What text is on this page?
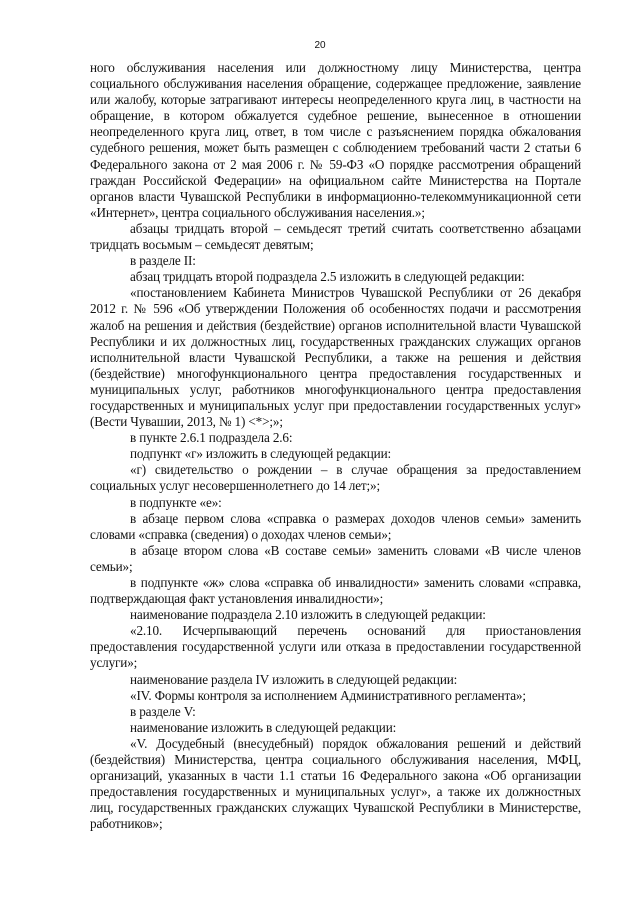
20

ного обслуживания населения или должностному лицу Министерства, центра социального обслуживания населения обращение, содержащее предложение, заявление или жалобу, которые затрагивают интересы неопределенного круга лиц, в частности на обращение, в котором обжалуется судебное решение, вынесенное в отношении неопределенного круга лиц, ответ, в том числе с разъяснением порядка обжалования судебного решения, может быть размещен с соблюдением требований части 2 статьи 6 Федерального закона от 2 мая 2006 г. № 59-ФЗ «О порядке рассмотрения обращений граждан Российской Федерации» на официальном сайте Министерства на Портале органов власти Чувашской Республики в информационно-телекоммуникационной сети «Интернет», центра социального обслуживания населения.»;

абзацы тридцать второй – семьдесят третий считать соответственно абзацами тридцать восьмым – семьдесят девятым;

в разделе II:

абзац тридцать второй подраздела 2.5 изложить в следующей редакции:

«постановлением Кабинета Министров Чувашской Республики от 26 декабря 2012 г. № 596 «Об утверждении Положения об особенностях подачи и рассмотрения жалоб на решения и действия (бездействие) органов исполнительной власти Чувашской Республики и их должностных лиц, государственных гражданских служащих органов исполнительной власти Чувашской Республики, а также на решения и действия (бездействие) многофункционального центра предоставления государственных и муниципальных услуг, работников многофункционального центра предоставления государственных и муниципальных услуг при предоставлении государственных услуг» (Вести Чувашии, 2013, № 1) <*>;»;

в пункте 2.6.1 подраздела 2.6:

подпункт «г» изложить в следующей редакции:

«г) свидетельство о рождении – в случае обращения за предоставлением социальных услуг несовершеннолетнего до 14 лет;»;

в подпункте «е»:

в абзаце первом слова «справка о размерах доходов членов семьи» заменить словами «справка (сведения) о доходах членов семьи»;

в абзаце втором слова «В составе семьи» заменить словами «В числе членов семьи»;

в подпункте «ж» слова «справка об инвалидности» заменить словами «справка, подтверждающая факт установления инвалидности»;

наименование подраздела 2.10 изложить в следующей редакции:

«2.10. Исчерпывающий перечень оснований для приостановления предоставления государственной услуги или отказа в предоставлении государственной услуги»;

наименование раздела IV изложить в следующей редакции:

«IV. Формы контроля за исполнением Административного регламента»;

в разделе V:

наименование изложить в следующей редакции:

«V. Досудебный (внесудебный) порядок обжалования решений и действий (бездействия) Министерства, центра социального обслуживания населения, МФЦ, организаций, указанных в части 1.1 статьи 16 Федерального закона «Об организации предоставления государственных и муниципальных услуг», а также их должностных лиц, государственных гражданских служащих Чувашской Республики в Министерстве, работников»;
